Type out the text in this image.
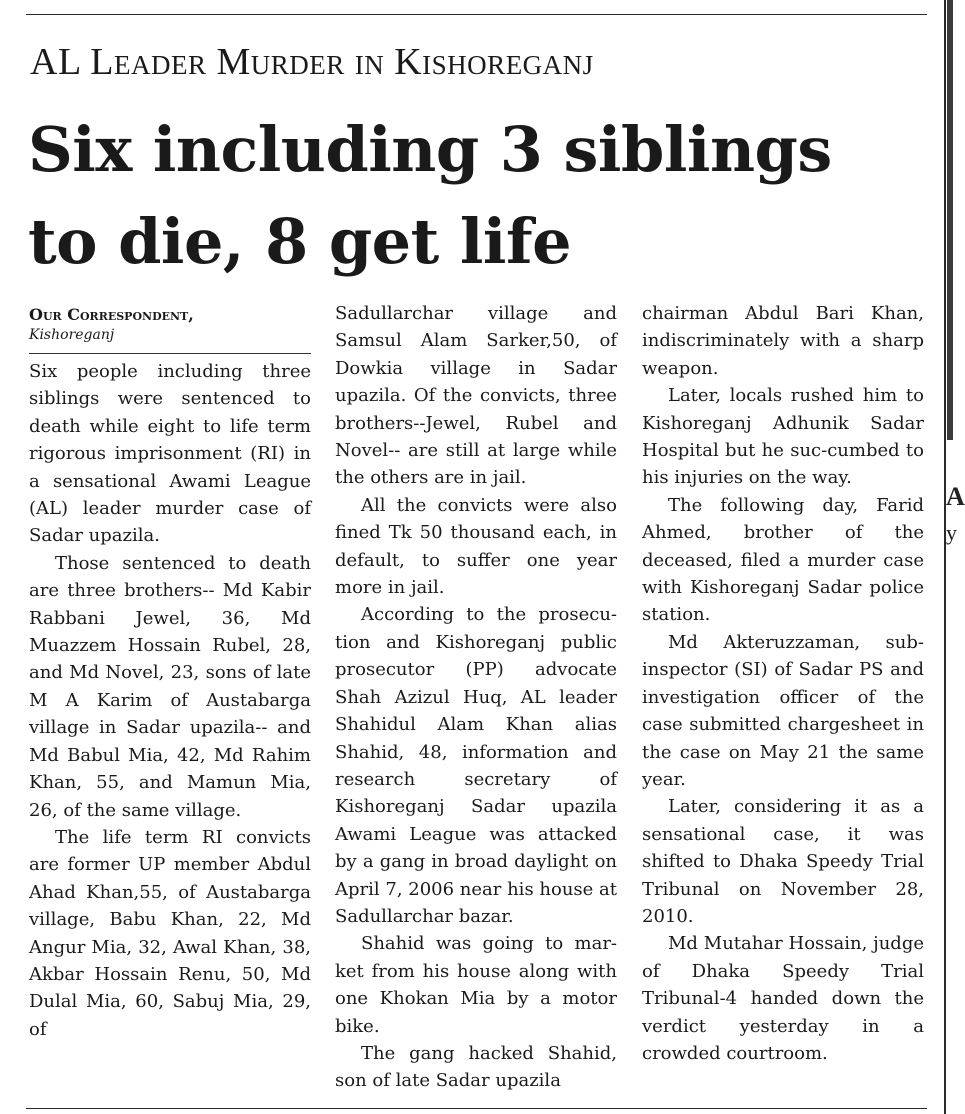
AL Leader Murder in Kishoreganj
Six including 3 siblings
to die, 8 get life
Our Correspondent,
Kishoreganj

Six people including three siblings were sentenced to death while eight to life term rigorous imprisonment (RI) in a sensational Awami League (AL) leader murder case of Sadar upazila.

Those sentenced to death are three brothers-- Md Kabir Rabbani Jewel, 36, Md Muazzem Hossain Rubel, 28, and Md Novel, 23, sons of late M A Karim of Austabarga village in Sadar upazila-- and Md Babul Mia, 42, Md Rahim Khan, 55, and Mamun Mia, 26, of the same village.

The life term RI convicts are former UP member Abdul Ahad Khan,55, of Austabarga village, Babu Khan, 22, Md Angur Mia, 32, Awal Khan, 38, Akbar Hossain Renu, 50, Md Dulal Mia, 60, Sabuj Mia, 29, of

Sadullarchar village and Samsul Alam Sarker,50, of Dowkia village in Sadar upazila. Of the convicts, three brothers--Jewel, Rubel and Novel-- are still at large while the others are in jail.

All the convicts were also fined Tk 50 thousand each, in default, to suffer one year more in jail.

According to the prosecu-tion and Kishoreganj public prosecutor (PP) advocate Shah Azizul Huq, AL leader Shahidul Alam Khan alias Shahid, 48, information and research secretary of Kishoreganj Sadar upazila Awami League was attacked by a gang in broad daylight on April 7, 2006 near his house at Sadullarchar bazar.

Shahid was going to mar-ket from his house along with one Khokan Mia by a motor bike.

The gang hacked Shahid, son of late Sadar upazila

chairman Abdul Bari Khan, indiscriminately with a sharp weapon.

Later, locals rushed him to Kishoreganj Adhunik Sadar Hospital but he suc-cumbed to his injuries on the way.

The following day, Farid Ahmed, brother of the deceased, filed a murder case with Kishoreganj Sadar police station.

Md Akteruzzaman, sub-inspector (SI) of Sadar PS and investigation officer of the case submitted chargesheet in the case on May 21 the same year.

Later, considering it as a sensational case, it was shifted to Dhaka Speedy Trial Tribunal on November 28, 2010.

Md Mutahar Hossain, judge of Dhaka Speedy Trial Tribunal-4 handed down the verdict yesterday in a crowded courtroom.

A
y
